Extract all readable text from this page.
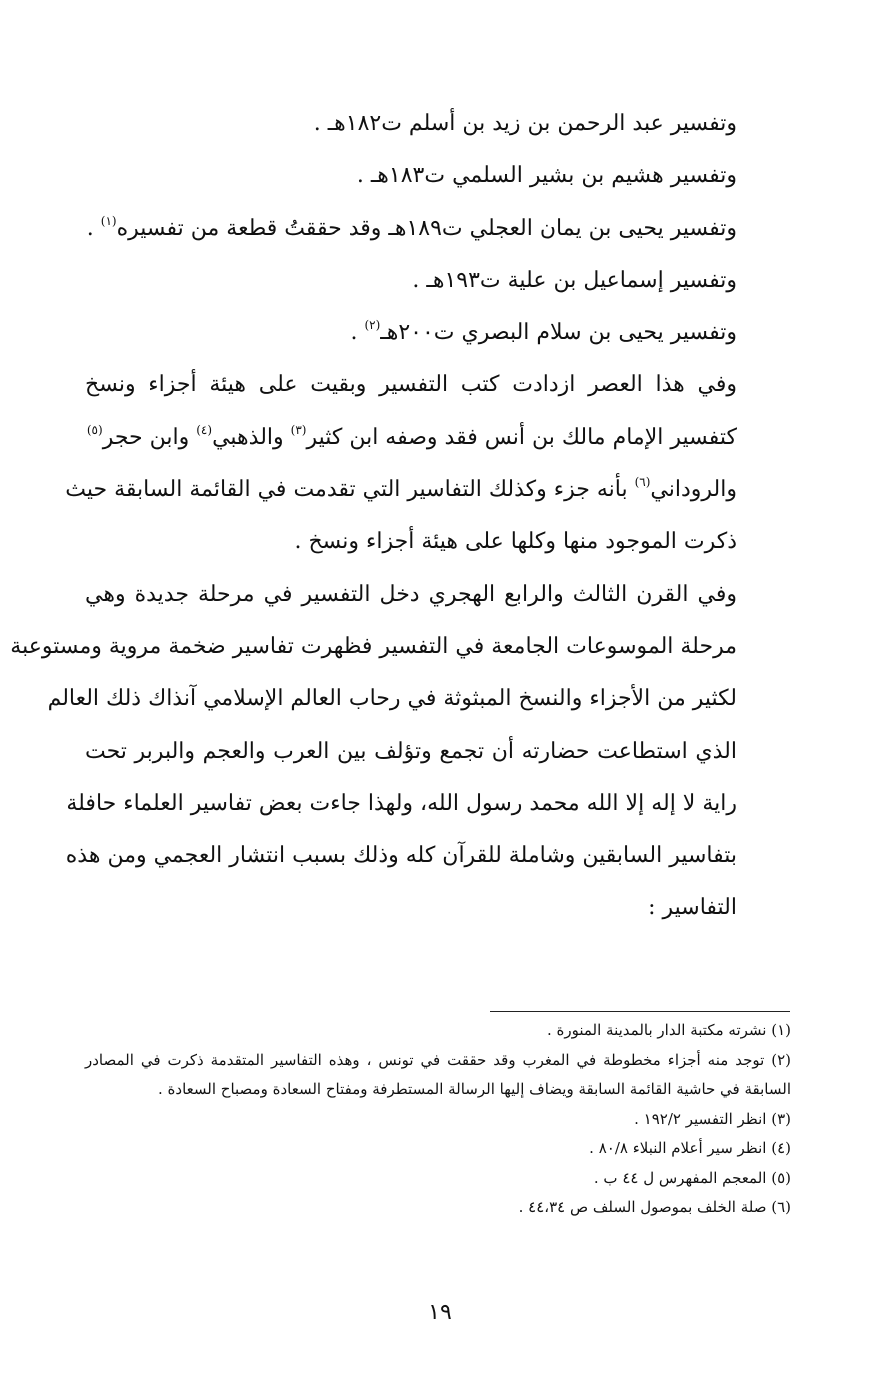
وتفسير عبد الرحمن بن زيد بن أسلم ت١٨٢هـ .
وتفسير هشيم بن بشير السلمي ت١٨٣هـ .
وتفسير يحيى بن يمان العجلي ت١٨٩هـ وقد حققتُ قطعة من تفسيره$^{(١)}$ .
وتفسير إسماعيل بن علية ت١٩٣هـ .
وتفسير يحيى بن سلام البصري ت٢٠٠هـ$^{(٢)}$ .
وفي هذا العصر ازدادت كتب التفسير وبقيت على هيئة أجزاء ونسخ
كتفسير الإمام مالك بن أنس فقد وصفه ابن كثير$^{(٣)}$ والذهبي$^{(٤)}$ وابن حجر$^{(٥)}$
والروداني$^{(٦)}$ بأنه جزء وكذلك التفاسير التي تقدمت في القائمة السابقة حيث
ذكرت الموجود منها وكلها على هيئة أجزاء ونسخ .
وفي القرن الثالث والرابع الهجري دخل التفسير في مرحلة جديدة وهي
مرحلة الموسوعات الجامعة في التفسير فظهرت تفاسير ضخمة مروية ومستوعبة
لكثير من الأجزاء والنسخ المبثوثة في رحاب العالم الإسلامي آنذاك ذلك العالم
الذي استطاعت حضارته أن تجمع وتؤلف بين العرب والعجم والبربر تحت
راية لا إله إلا الله محمد رسول الله، ولهذا جاءت بعض تفاسير العلماء حافلة
بتفاسير السابقين وشاملة للقرآن كله وذلك بسبب انتشار العجمي ومن هذه
التفاسير :
(١) نشرته مكتبة الدار بالمدينة المنورة .
(٢) توجد منه أجزاء مخطوطة في المغرب وقد حققت في تونس ، وهذه التفاسير المتقدمة ذكرت في المصادر
السابقة في حاشية القائمة السابقة ويضاف إليها الرسالة المستطرفة ومفتاح السعادة ومصباح السعادة .
(٣) انظر التفسير ١٩٢/٢ .
(٤) انظر سير أعلام النبلاء ٨٠/٨ .
(٥) المعجم المفهرس ل ٤٤ ب .
(٦) صلة الخلف بموصول السلف ص ٤٤،٣٤ .
١٩
